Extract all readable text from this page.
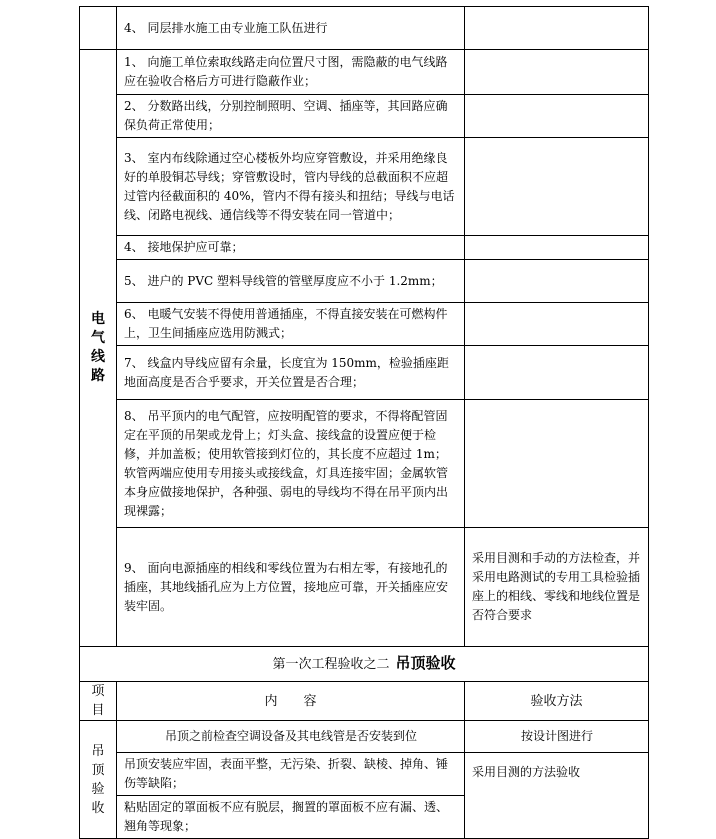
	4、 同层排水施工由专业施工队伍进行	

电
气
线
路	1、 向施工单位索取线路走向位置尺寸图，需隐蔽的电气线路应在验收合格后方可进行隐蔽作业；	
	2、 分数路出线，分别控制照明、空调、插座等，其回路应确保负荷正常使用；	
	3、 室内布线除通过空心楼板外均应穿管敷设，并采用绝缘良好的单股铜芯导线；穿管敷设时，管内导线的总截面积不应超过管内径截面积的 40%，管内不得有接头和扭结；导线与电话线、闭路电视线、通信线等不得安装在同一管道中；	
	4、 接地保护应可靠；	
	5、 进户的 PVC 塑料导线管的管壁厚度应不小于 1.2mm；	
	6、 电暖气安装不得使用普通插座，不得直接安装在可燃构件上，卫生间插座应选用防溅式；	
	7、 线盒内导线应留有余量，长度宜为 150mm，检验插座距地面高度是否合乎要求，开关位置是否合理；	
	8、 吊平顶内的电气配管，应按明配管的要求，不得将配管固定在平顶的吊架或龙骨上；灯头盒、接线盒的设置应便于检修，并加盖板；使用软管接到灯位的，其长度不应超过 1m；软管两端应使用专用接头或接线盒，灯具连接牢固；金属软管本身应做接地保护，各种强、弱电的导线均不得在吊平顶内出现裸露；	
	9、 面向电源插座的相线和零线位置为右相左零，有接地孔的插座，其地线插孔应为上方位置，接地应可靠，开关插座应安装牢固。	采用目测和手动的方法检查，并采用电路测试的专用工具检验插座上的相线、零线和地线位置是否符合要求
第一次工程验收之二 吊顶验收		

项
目	内　　容	验收方法

吊
顶
验
收	吊顶之前检查空调设备及其电线管是否安装到位	按设计图进行
	吊顶安装应牢固，表面平整，无污染、折裂、缺棱、掉角、锤伤等缺陷；	采用目测的方法验收
	粘贴固定的罩面板不应有脱层，搁置的罩面板不应有漏、透、翘角等现象；	
